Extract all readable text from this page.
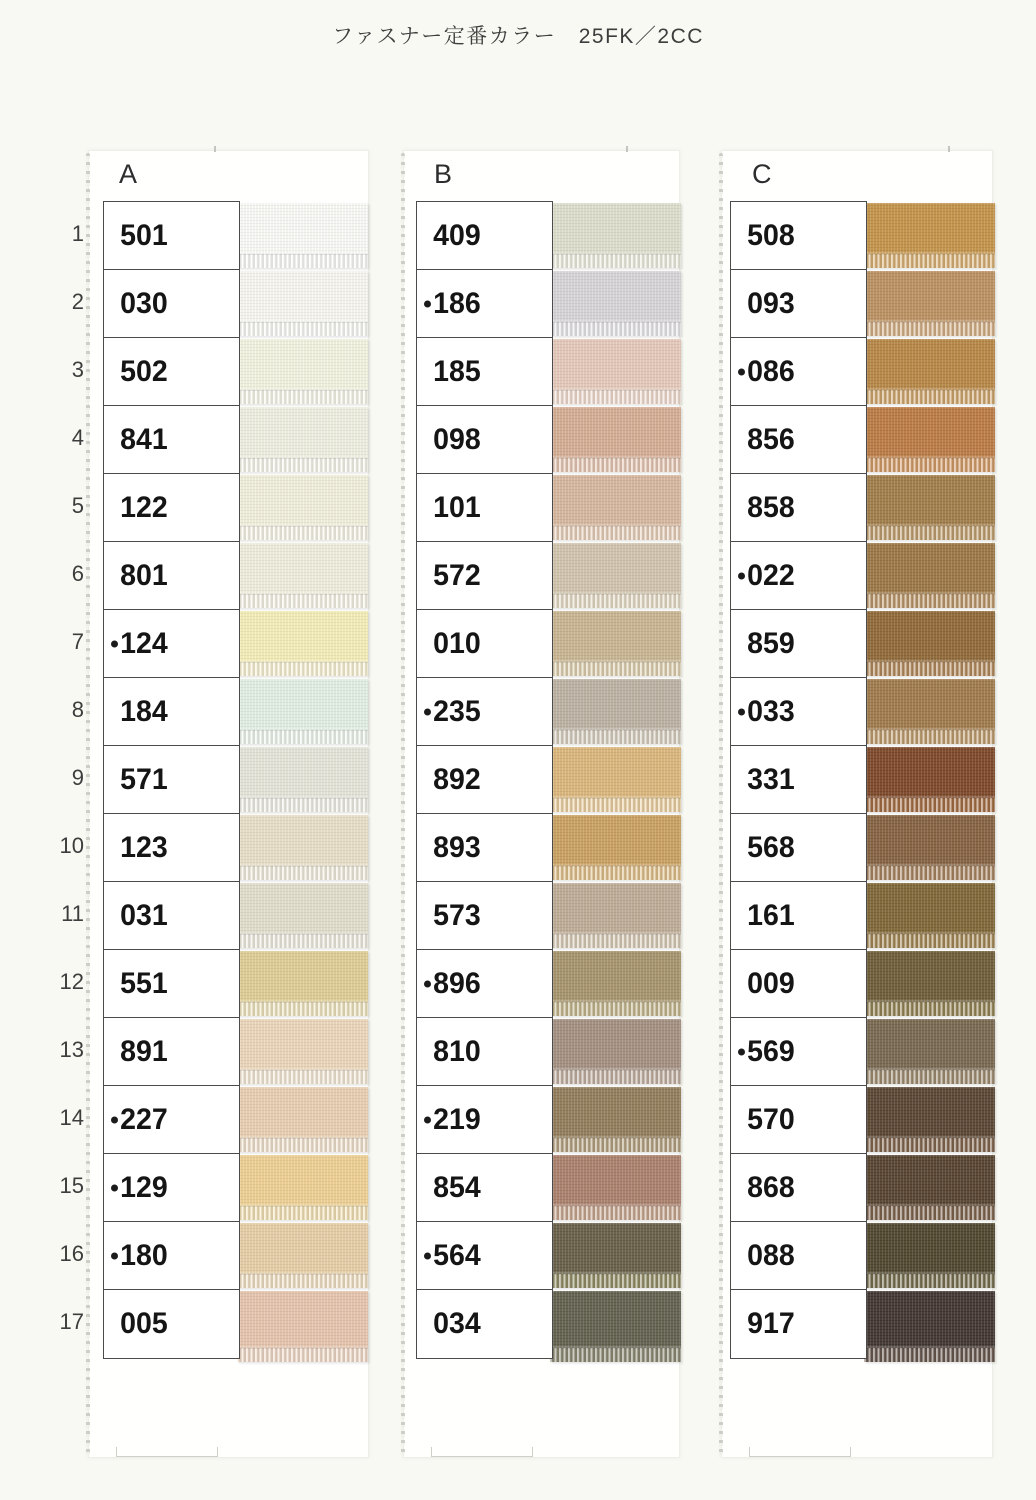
ファスナー定番カラー　25FK／2CC
A
501
030
502
841
122
801
124
184
571
123
031
551
891
227
129
180
005
B
409
186
185
098
101
572
010
235
892
893
573
896
810
219
854
564
034
C
508
093
086
856
858
022
859
033
331
568
161
009
569
570
868
088
917
1
2
3
4
5
6
7
8
9
10
11
12
13
14
15
16
17
